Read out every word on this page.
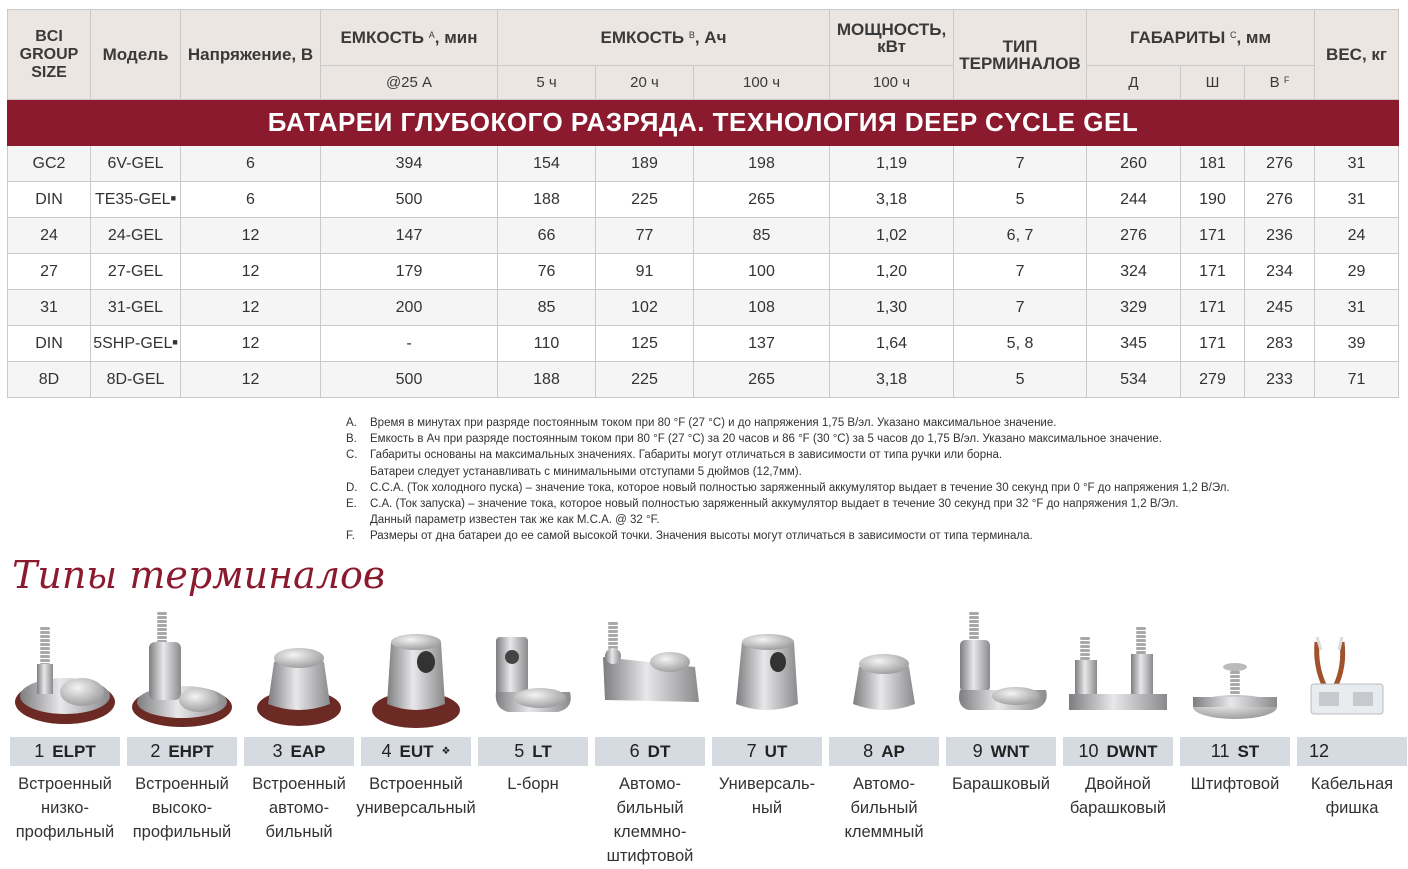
BCI GROUP SIZE	Модель	Напряжение, В	ЕМКОСТЬ $^A$, мин	ЕМКОСТЬ $^B$, Ач			МОЩНОСТЬ, кВт	ТИП ТЕРМИНАЛОВ	ГАБАРИТЫ $^C$, мм			ВЕС, кг
			@25 А	5 ч	20 ч	100 ч	100 ч		Д	Ш	В $^F$
БАТАРЕИ ГЛУБОКОГО РАЗРЯДА. ТЕХНОЛОГИЯ DEEP CYCLE GEL												
GC2	6V-GEL	6	394	154	189	198	1,19	7	260	181	276	31
DIN	TE35-GEL■	6	500	188	225	265	3,18	5	244	190	276	31
24	24-GEL	12	147	66	77	85	1,02	6, 7	276	171	236	24
27	27-GEL	12	179	76	91	100	1,20	7	324	171	234	29
31	31-GEL	12	200	85	102	108	1,30	7	329	171	245	31
DIN	5SHP-GEL■	12	-	110	125	137	1,64	5, 8	345	171	283	39
8D	8D-GEL	12	500	188	225	265	3,18	5	534	279	233	71
A.	Время в минутах при разряде постоянным током при 80 °F (27 °C) и до напряжения 1,75 В/эл. Указано максимальное значение.
B.	Емкость в Ач при разряде постоянным током при 80 °F (27 °C) за 20 часов и 86 °F (30 °C) за 5 часов до 1,75 В/эл. Указано максимальное значение.
C.	Габариты основаны на максимальных значениях. Габариты могут отличаться в зависимости от типа ручки или борна.
Батареи следует устанавливать с минимальными отступами 5 дюймов (12,7мм).
D.	C.C.A. (Ток холодного пуска) – значение тока, которое новый полностью заряженный аккумулятор выдает в течение 30 секунд при 0 °F до напряжения 1,2 В/Эл.
E.	C.A. (Ток запуска) – значение тока, которое новый полностью заряженный аккумулятор выдает в течение 30 секунд при 32 °F до напряжения 1,2 В/Эл.
Данный параметр известен так же как M.C.A. @ 32 °F.
F.	Размеры от дна батареи до ее самой высокой точки. Значения высоты могут отличаться в зависимости от типа терминала.
Типы терминалов
1 ELPT
Встроенный низко-профильный
2 EHPT
Встроенный высоко-профильный
3 EAP
Встроенный автомо-бильный
4 EUT ❖
Встроенный универсальный
5 LT
L-борн
6 DT
Автомо-бильный клеммно-штифтовой
7 UT
Универсаль-ный
8 AP
Автомо-бильный клеммный
9 WNT
Барашковый
10 DWNT
Двойной барашковый
11 ST
Штифтовой
12
Кабельная фишка
